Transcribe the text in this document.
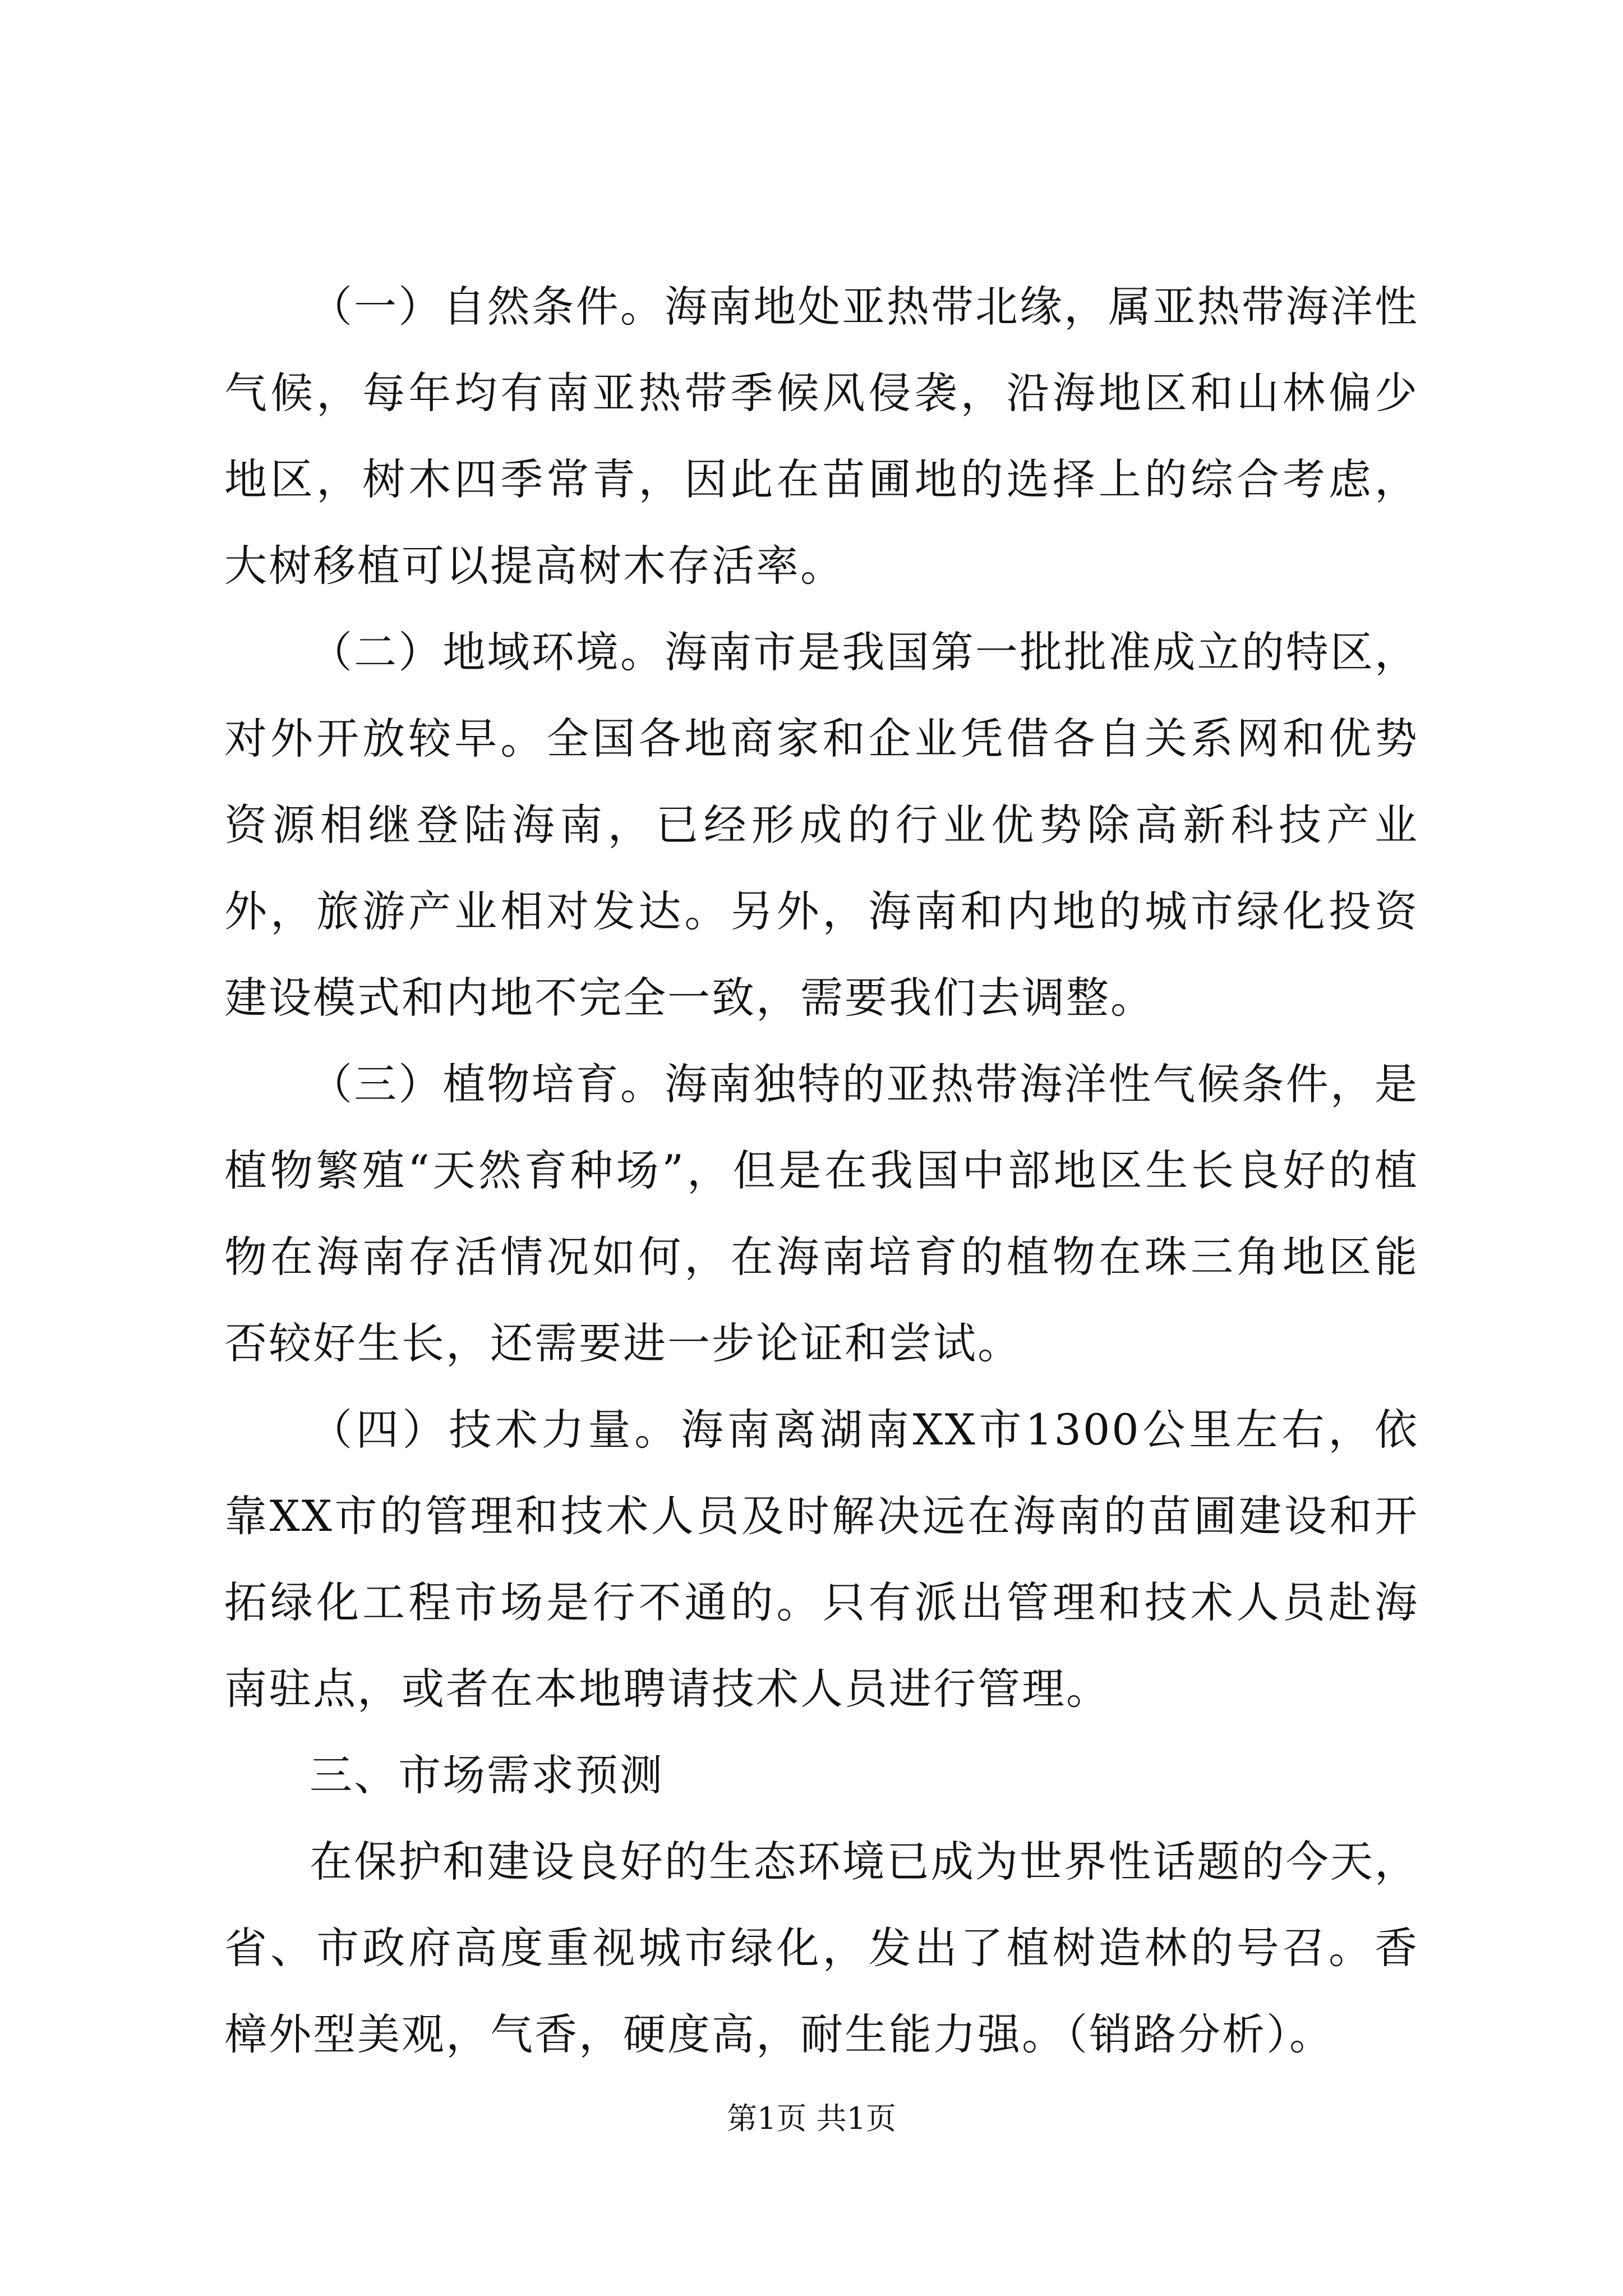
（一）自然条件。海南地处亚热带北缘，属亚热带海洋性气候，每年均有南亚热带季候风侵袭，沿海地区和山林偏少地区，树木四季常青，因此在苗圃地的选择上的综合考虑，大树移植可以提高树木存活率。

（二）地域环境。海南市是我国第一批批准成立的特区，对外开放较早。全国各地商家和企业凭借各自关系网和优势资源相继登陆海南，已经形成的行业优势除高新科技产业外，旅游产业相对发达。另外，海南和内地的城市绿化投资建设模式和内地不完全一致，需要我们去调整。

（三）植物培育。海南独特的亚热带海洋性气候条件，是植物繁殖“天然育种场”，但是在我国中部地区生长良好的植物在海南存活情况如何，在海南培育的植物在珠三角地区能否较好生长，还需要进一步论证和尝试。

（四）技术力量。海南离湖南XX市1300公里左右，依靠XX市的管理和技术人员及时解决远在海南的苗圃建设和开拓绿化工程市场是行不通的。只有派出管理和技术人员赴海南驻点，或者在本地聘请技术人员进行管理。

三、市场需求预测

在保护和建设良好的生态环境已成为世界性话题的今天，省、市政府高度重视城市绿化，发出了植树造林的号召。香樟外型美观，气香，硬度高，耐生能力强。（销路分析）。

第1页 共1页
